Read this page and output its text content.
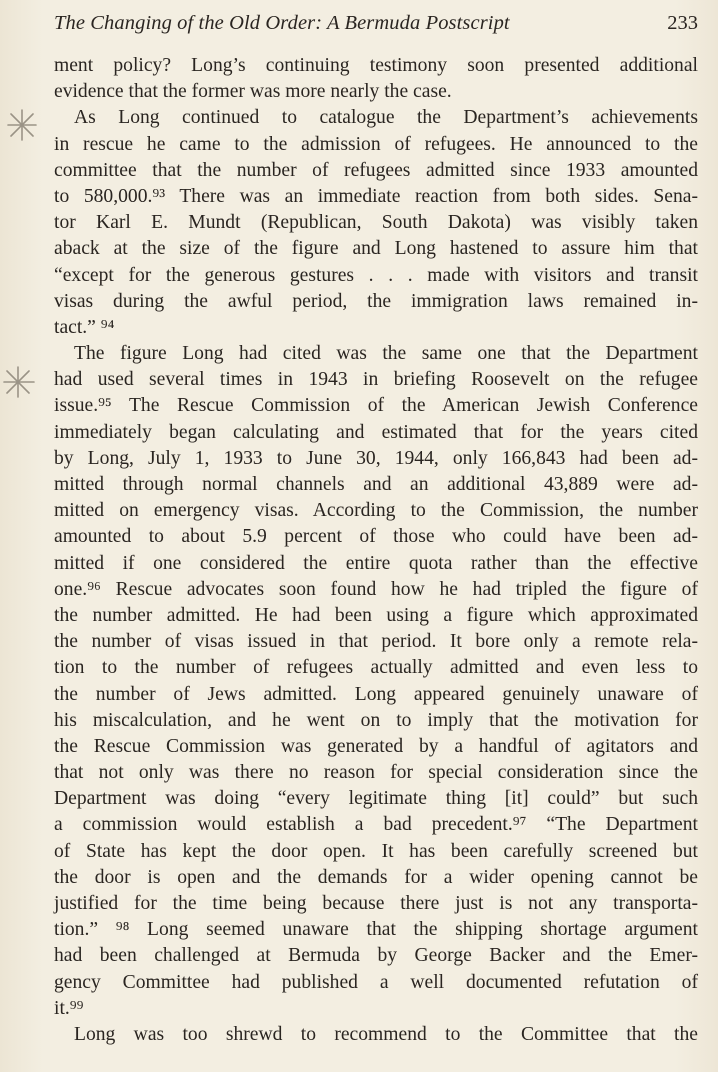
The Changing of the Old Order: A Bermuda Postscript	233
ment policy? Long’s continuing testimony soon presented additional
evidence that the former was more nearly the case.
As Long continued to catalogue the Department’s achievements
in rescue he came to the admission of refugees. He announced to the
committee that the number of refugees admitted since 1933 amounted
to 580,000.⁹³ There was an immediate reaction from both sides. Sena-
tor Karl E. Mundt (Republican, South Dakota) was visibly taken
aback at the size of the figure and Long hastened to assure him that
“except for the generous gestures . . . made with visitors and transit
visas during the awful period, the immigration laws remained in-
tact.” ⁹⁴
The figure Long had cited was the same one that the Department
had used several times in 1943 in briefing Roosevelt on the refugee
issue.⁹⁵ The Rescue Commission of the American Jewish Conference
immediately began calculating and estimated that for the years cited
by Long, July 1, 1933 to June 30, 1944, only 166,843 had been ad-
mitted through normal channels and an additional 43,889 were ad-
mitted on emergency visas. According to the Commission, the number
amounted to about 5.9 percent of those who could have been ad-
mitted if one considered the entire quota rather than the effective
one.⁹⁶ Rescue advocates soon found how he had tripled the figure of
the number admitted. He had been using a figure which approximated
the number of visas issued in that period. It bore only a remote rela-
tion to the number of refugees actually admitted and even less to
the number of Jews admitted. Long appeared genuinely unaware of
his miscalculation, and he went on to imply that the motivation for
the Rescue Commission was generated by a handful of agitators and
that not only was there no reason for special consideration since the
Department was doing “every legitimate thing [it] could” but such
a commission would establish a bad precedent.⁹⁷ “The Department
of State has kept the door open. It has been carefully screened but
the door is open and the demands for a wider opening cannot be
justified for the time being because there just is not any transporta-
tion.” ⁹⁸ Long seemed unaware that the shipping shortage argument
had been challenged at Bermuda by George Backer and the Emer-
gency Committee had published a well documented refutation of
it.⁹⁹
Long was too shrewd to recommend to the Committee that the
